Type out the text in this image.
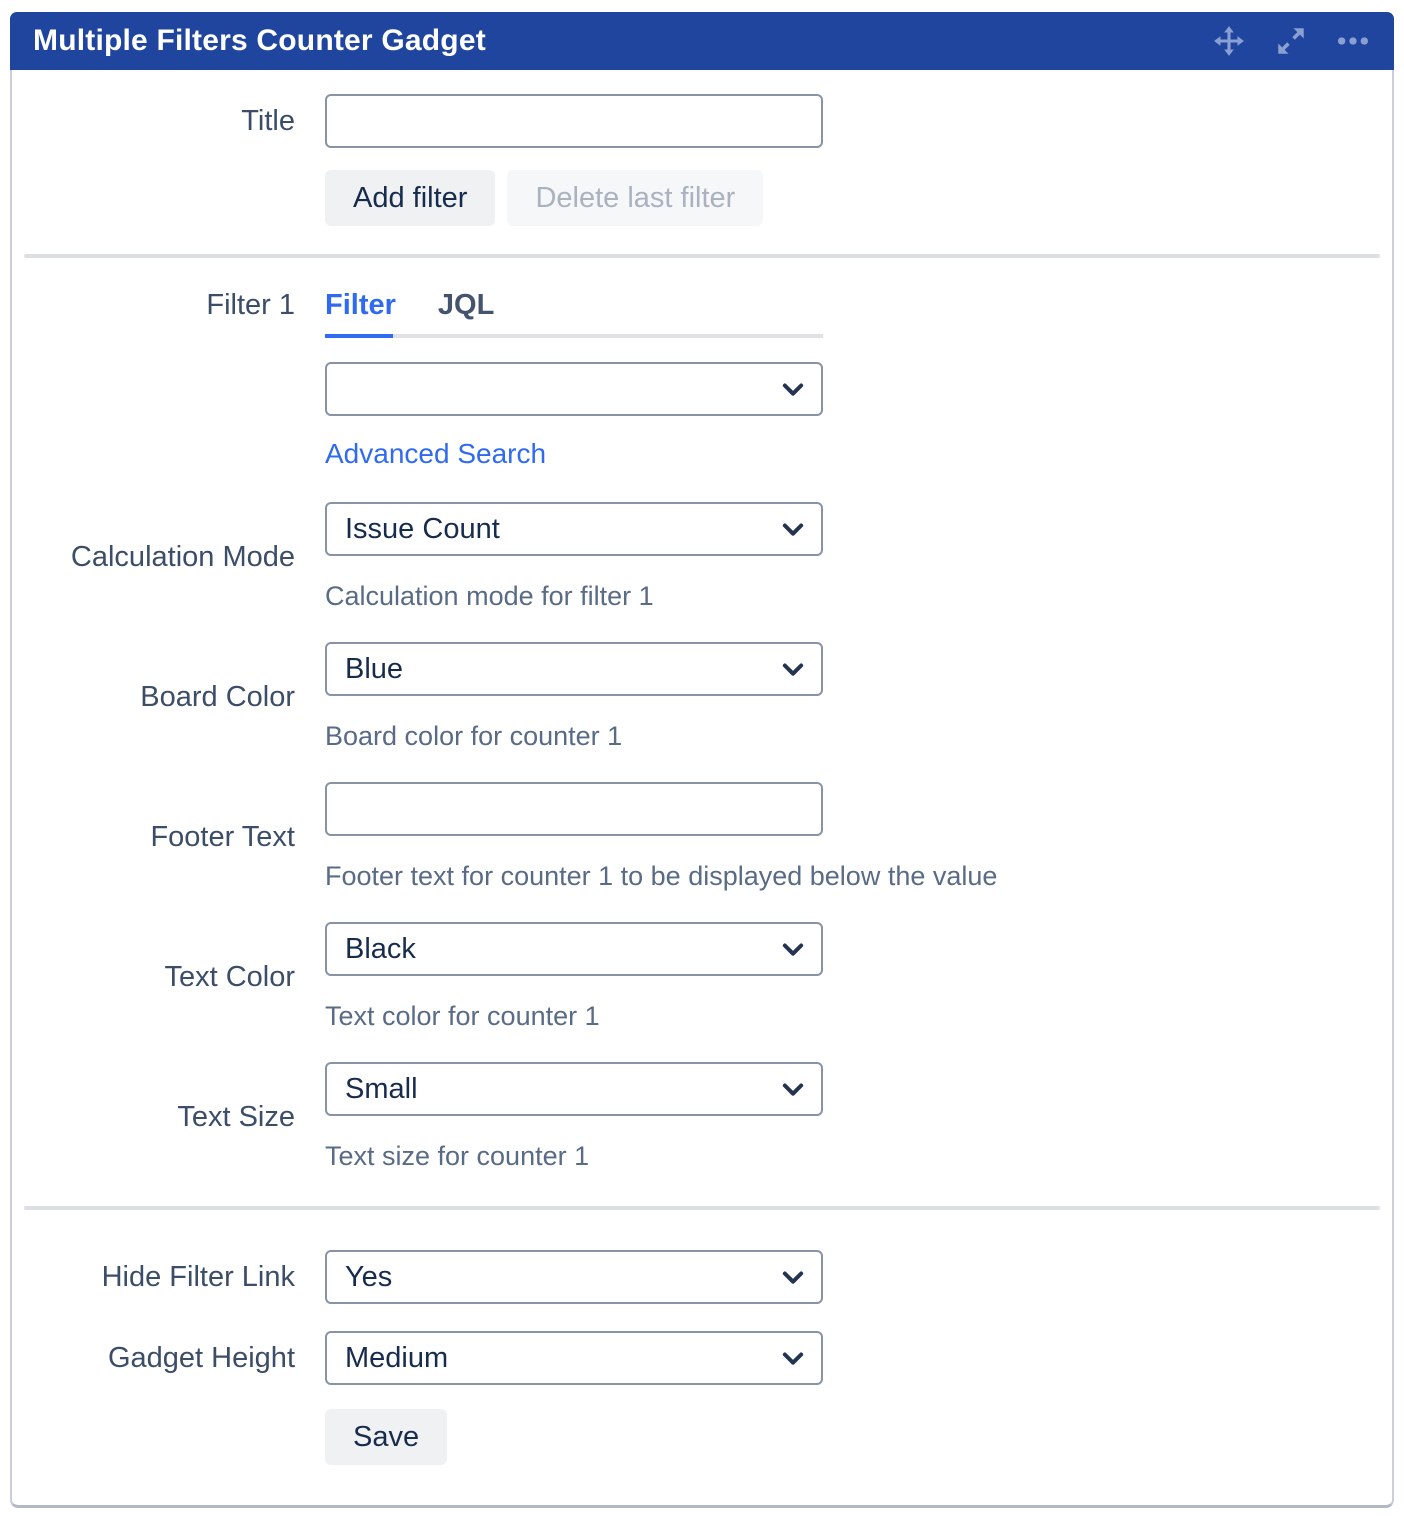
Multiple Filters Counter Gadget
Title
Add filter	Delete last filter
Filter 1 Filter JQL
Advanced Search
Calculation Mode
Issue Count
Calculation mode for filter 1
Board Color
Blue
Board color for counter 1
Footer Text
Footer text for counter 1 to be displayed below the value
Text Color
Black
Text color for counter 1
Text Size
Small
Text size for counter 1
Hide Filter Link
Yes
Gadget Height
Medium
Save
